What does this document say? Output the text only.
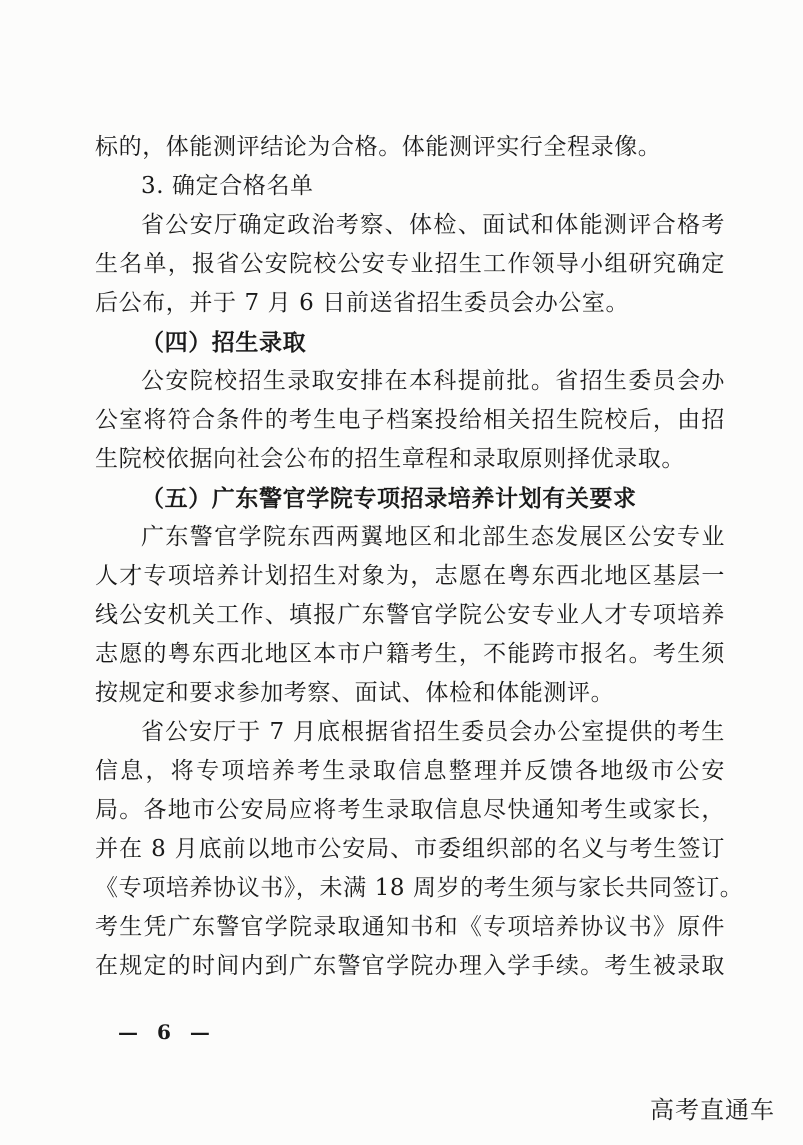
标的，体能测评结论为合格。体能测评实行全程录像。
3. 确定合格名单
省公安厅确定政治考察、体检、面试和体能测评合格考
生名单，报省公安院校公安专业招生工作领导小组研究确定
后公布，并于 7 月 6 日前送省招生委员会办公室。
（四）招生录取
公安院校招生录取安排在本科提前批。省招生委员会办
公室将符合条件的考生电子档案投给相关招生院校后，由招
生院校依据向社会公布的招生章程和录取原则择优录取。
（五）广东警官学院专项招录培养计划有关要求
广东警官学院东西两翼地区和北部生态发展区公安专业
人才专项培养计划招生对象为，志愿在粤东西北地区基层一
线公安机关工作、填报广东警官学院公安专业人才专项培养
志愿的粤东西北地区本市户籍考生，不能跨市报名。考生须
按规定和要求参加考察、面试、体检和体能测评。
省公安厅于 7 月底根据省招生委员会办公室提供的考生
信息，将专项培养考生录取信息整理并反馈各地级市公安
局。各地市公安局应将考生录取信息尽快通知考生或家长，
并在 8 月底前以地市公安局、市委组织部的名义与考生签订
《专项培养协议书》，未满 18 周岁的考生须与家长共同签订。
考生凭广东警官学院录取通知书和《专项培养协议书》原件
在规定的时间内到广东警官学院办理入学手续。考生被录取
— 6 —
高考直通车
